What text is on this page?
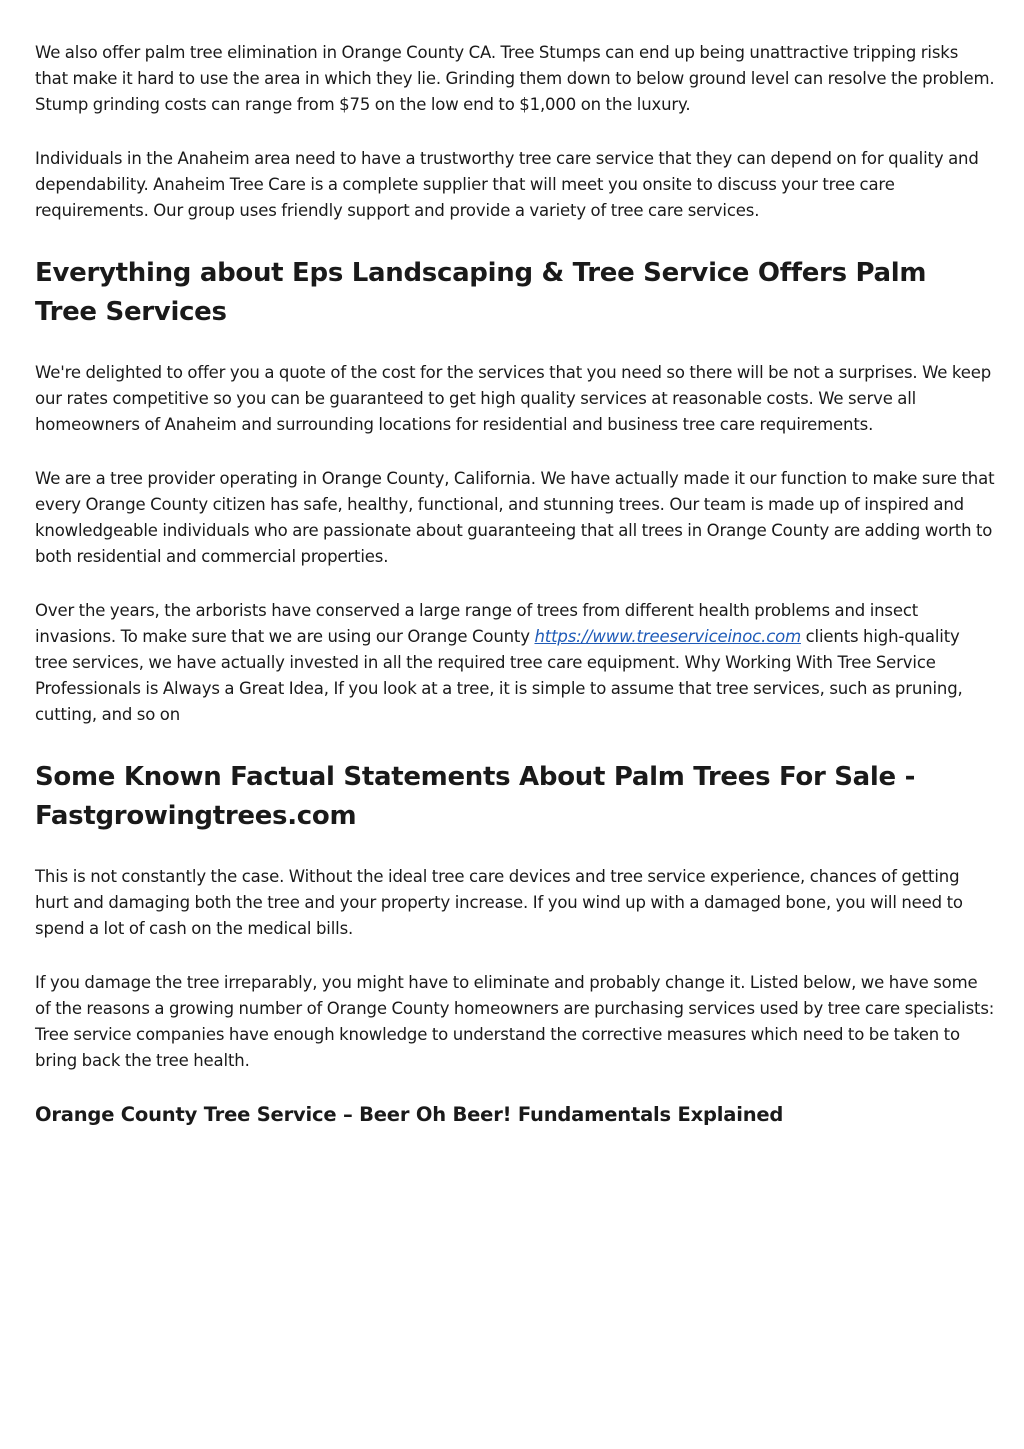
We also offer palm tree elimination in Orange County CA. Tree Stumps can end up being unattractive tripping risks that make it hard to use the area in which they lie. Grinding them down to below ground level can resolve the problem. Stump grinding costs can range from $75 on the low end to $1,000 on the luxury.

Individuals in the Anaheim area need to have a trustworthy tree care service that they can depend on for quality and dependability. Anaheim Tree Care is a complete supplier that will meet you onsite to discuss your tree care requirements. Our group uses friendly support and provide a variety of tree care services.

Everything about Eps Landscaping & Tree Service Offers Palm Tree Services

We're delighted to offer you a quote of the cost for the services that you need so there will be not a surprises. We keep our rates competitive so you can be guaranteed to get high quality services at reasonable costs. We serve all homeowners of Anaheim and surrounding locations for residential and business tree care requirements.

We are a tree provider operating in Orange County, California. We have actually made it our function to make sure that every Orange County citizen has safe, healthy, functional, and stunning trees. Our team is made up of inspired and knowledgeable individuals who are passionate about guaranteeing that all trees in Orange County are adding worth to both residential and commercial properties.

Over the years, the arborists have conserved a large range of trees from different health problems and insect invasions. To make sure that we are using our Orange County https://www.treeserviceinoc.com clients high-quality tree services, we have actually invested in all the required tree care equipment. Why Working With Tree Service Professionals is Always a Great Idea, If you look at a tree, it is simple to assume that tree services, such as pruning, cutting, and so on

Some Known Factual Statements About Palm Trees For Sale - Fastgrowingtrees.com

This is not constantly the case. Without the ideal tree care devices and tree service experience, chances of getting hurt and damaging both the tree and your property increase. If you wind up with a damaged bone, you will need to spend a lot of cash on the medical bills.

If you damage the tree irreparably, you might have to eliminate and probably change it. Listed below, we have some of the reasons a growing number of Orange County homeowners are purchasing services used by tree care specialists: Tree service companies have enough knowledge to understand the corrective measures which need to be taken to bring back the tree health.

Orange County Tree Service – Beer Oh Beer! Fundamentals Explained
